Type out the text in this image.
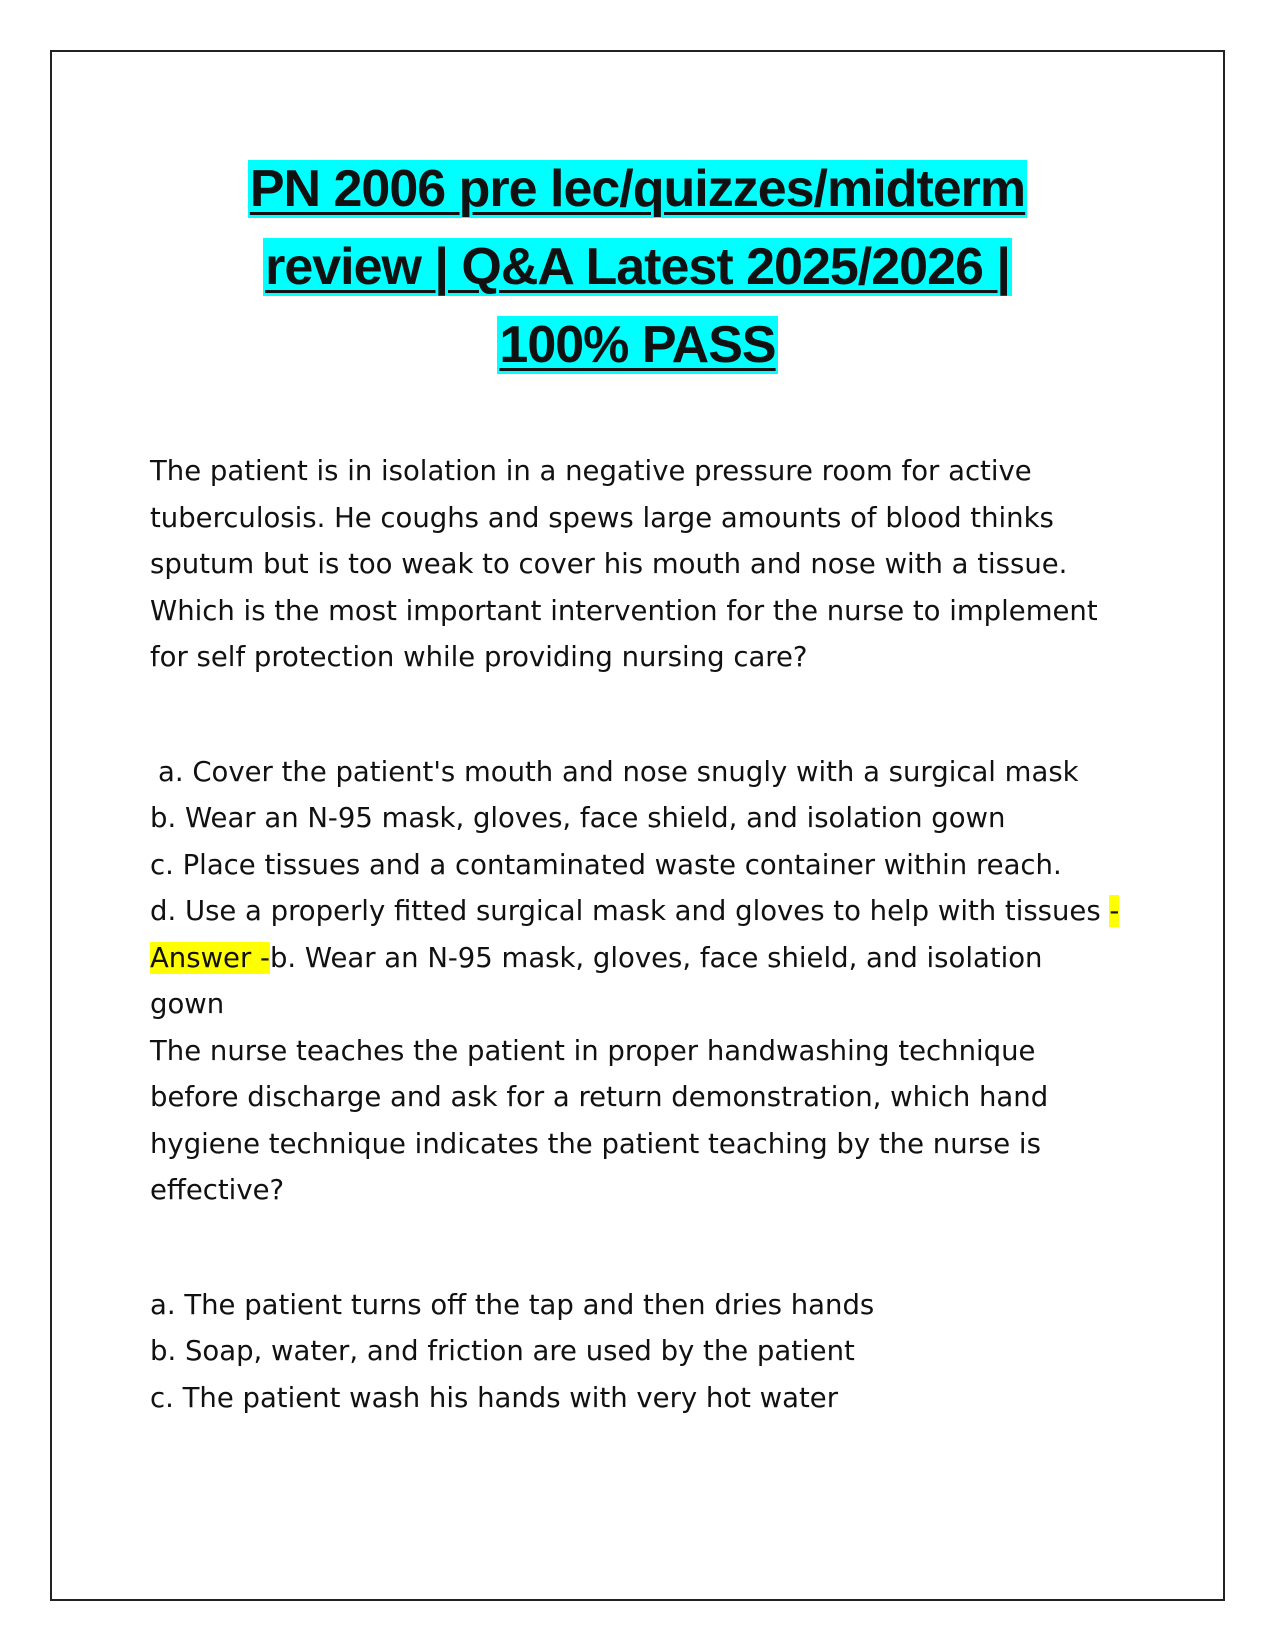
PN 2006 pre lec/quizzes/midterm
review | Q&A Latest 2025/2026 |
100% PASS

The patient is in isolation in a negative pressure room for active tuberculosis. He coughs and spews large amounts of blood thinks sputum but is too weak to cover his mouth and nose with a tissue. Which is the most important intervention for the nurse to implement for self protection while providing nursing care?

a. Cover the patient's mouth and nose snugly with a surgical mask

b. Wear an N-95 mask, gloves, face shield, and isolation gown

c. Place tissues and a contaminated waste container within reach.

d. Use a properly fitted surgical mask and gloves to help with tissues - Answer -b. Wear an N-95 mask, gloves, face shield, and isolation gown

The nurse teaches the patient in proper handwashing technique before discharge and ask for a return demonstration, which hand hygiene technique indicates the patient teaching by the nurse is effective?

a. The patient turns off the tap and then dries hands

b. Soap, water, and friction are used by the patient

c. The patient wash his hands with very hot water
